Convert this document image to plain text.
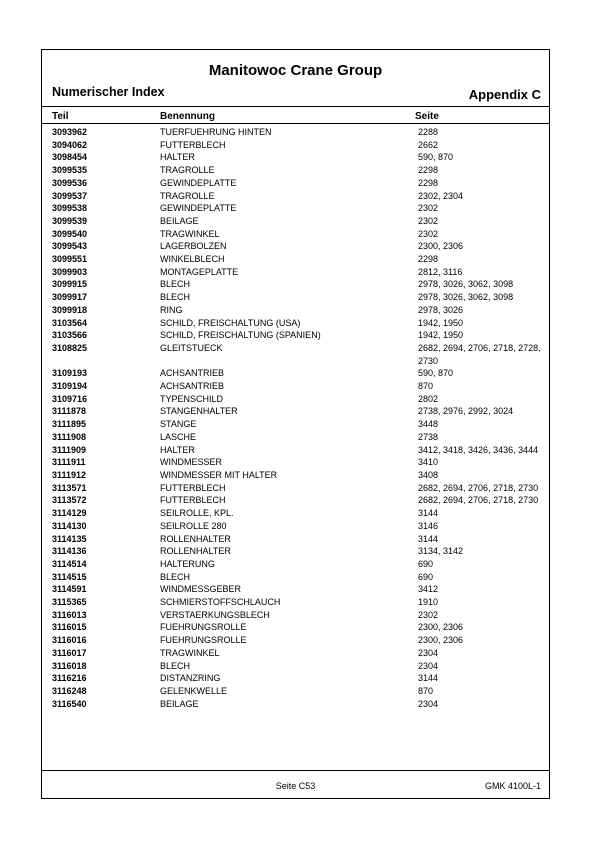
Manitowoc Crane Group
Numerischer Index	Appendix C
Teil	Benennung	Seite
3093962	TUERFUEHRUNG HINTEN	2288
3094062	FUTTERBLECH	2662
3098454	HALTER	590, 870
3099535	TRAGROLLE	2298
3099536	GEWINDEPLATTE	2298
3099537	TRAGROLLE	2302, 2304
3099538	GEWINDEPLATTE	2302
3099539	BEILAGE	2302
3099540	TRAGWINKEL	2302
3099543	LAGERBOLZEN	2300, 2306
3099551	WINKELBLECH	2298
3099903	MONTAGEPLATTE	2812, 3116
3099915	BLECH	2978, 3026, 3062, 3098
3099917	BLECH	2978, 3026, 3062, 3098
3099918	RING	2978, 3026
3103564	SCHILD, FREISCHALTUNG (USA)	1942, 1950
3103566	SCHILD, FREISCHALTUNG (SPANIEN)	1942, 1950
3108825	GLEITSTUECK	2682, 2694, 2706, 2718, 2728, 2730
3109193	ACHSANTRIEB	590, 870
3109194	ACHSANTRIEB	870
3109716	TYPENSCHILD	2802
3111878	STANGENHALTER	2738, 2976, 2992, 3024
3111895	STANGE	3448
3111908	LASCHE	2738
3111909	HALTER	3412, 3418, 3426, 3436, 3444
3111911	WINDMESSER	3410
3111912	WINDMESSER MIT HALTER	3408
3113571	FUTTERBLECH	2682, 2694, 2706, 2718, 2730
3113572	FUTTERBLECH	2682, 2694, 2706, 2718, 2730
3114129	SEILROLLE, KPL.	3144
3114130	SEILROLLE 280	3146
3114135	ROLLENHALTER	3144
3114136	ROLLENHALTER	3134, 3142
3114514	HALTERUNG	690
3114515	BLECH	690
3114591	WINDMESSGEBER	3412
3115365	SCHMIERSTOFFSCHLAUCH	1910
3116013	VERSTAERKUNGSBLECH	2302
3116015	FUEHRUNGSROLLE	2300, 2306
3116016	FUEHRUNGSROLLE	2300, 2306
3116017	TRAGWINKEL	2304
3116018	BLECH	2304
3116216	DISTANZRING	3144
3116248	GELENKWELLE	870
3116540	BEILAGE	2304
Seite C53	GMK 4100L-1
